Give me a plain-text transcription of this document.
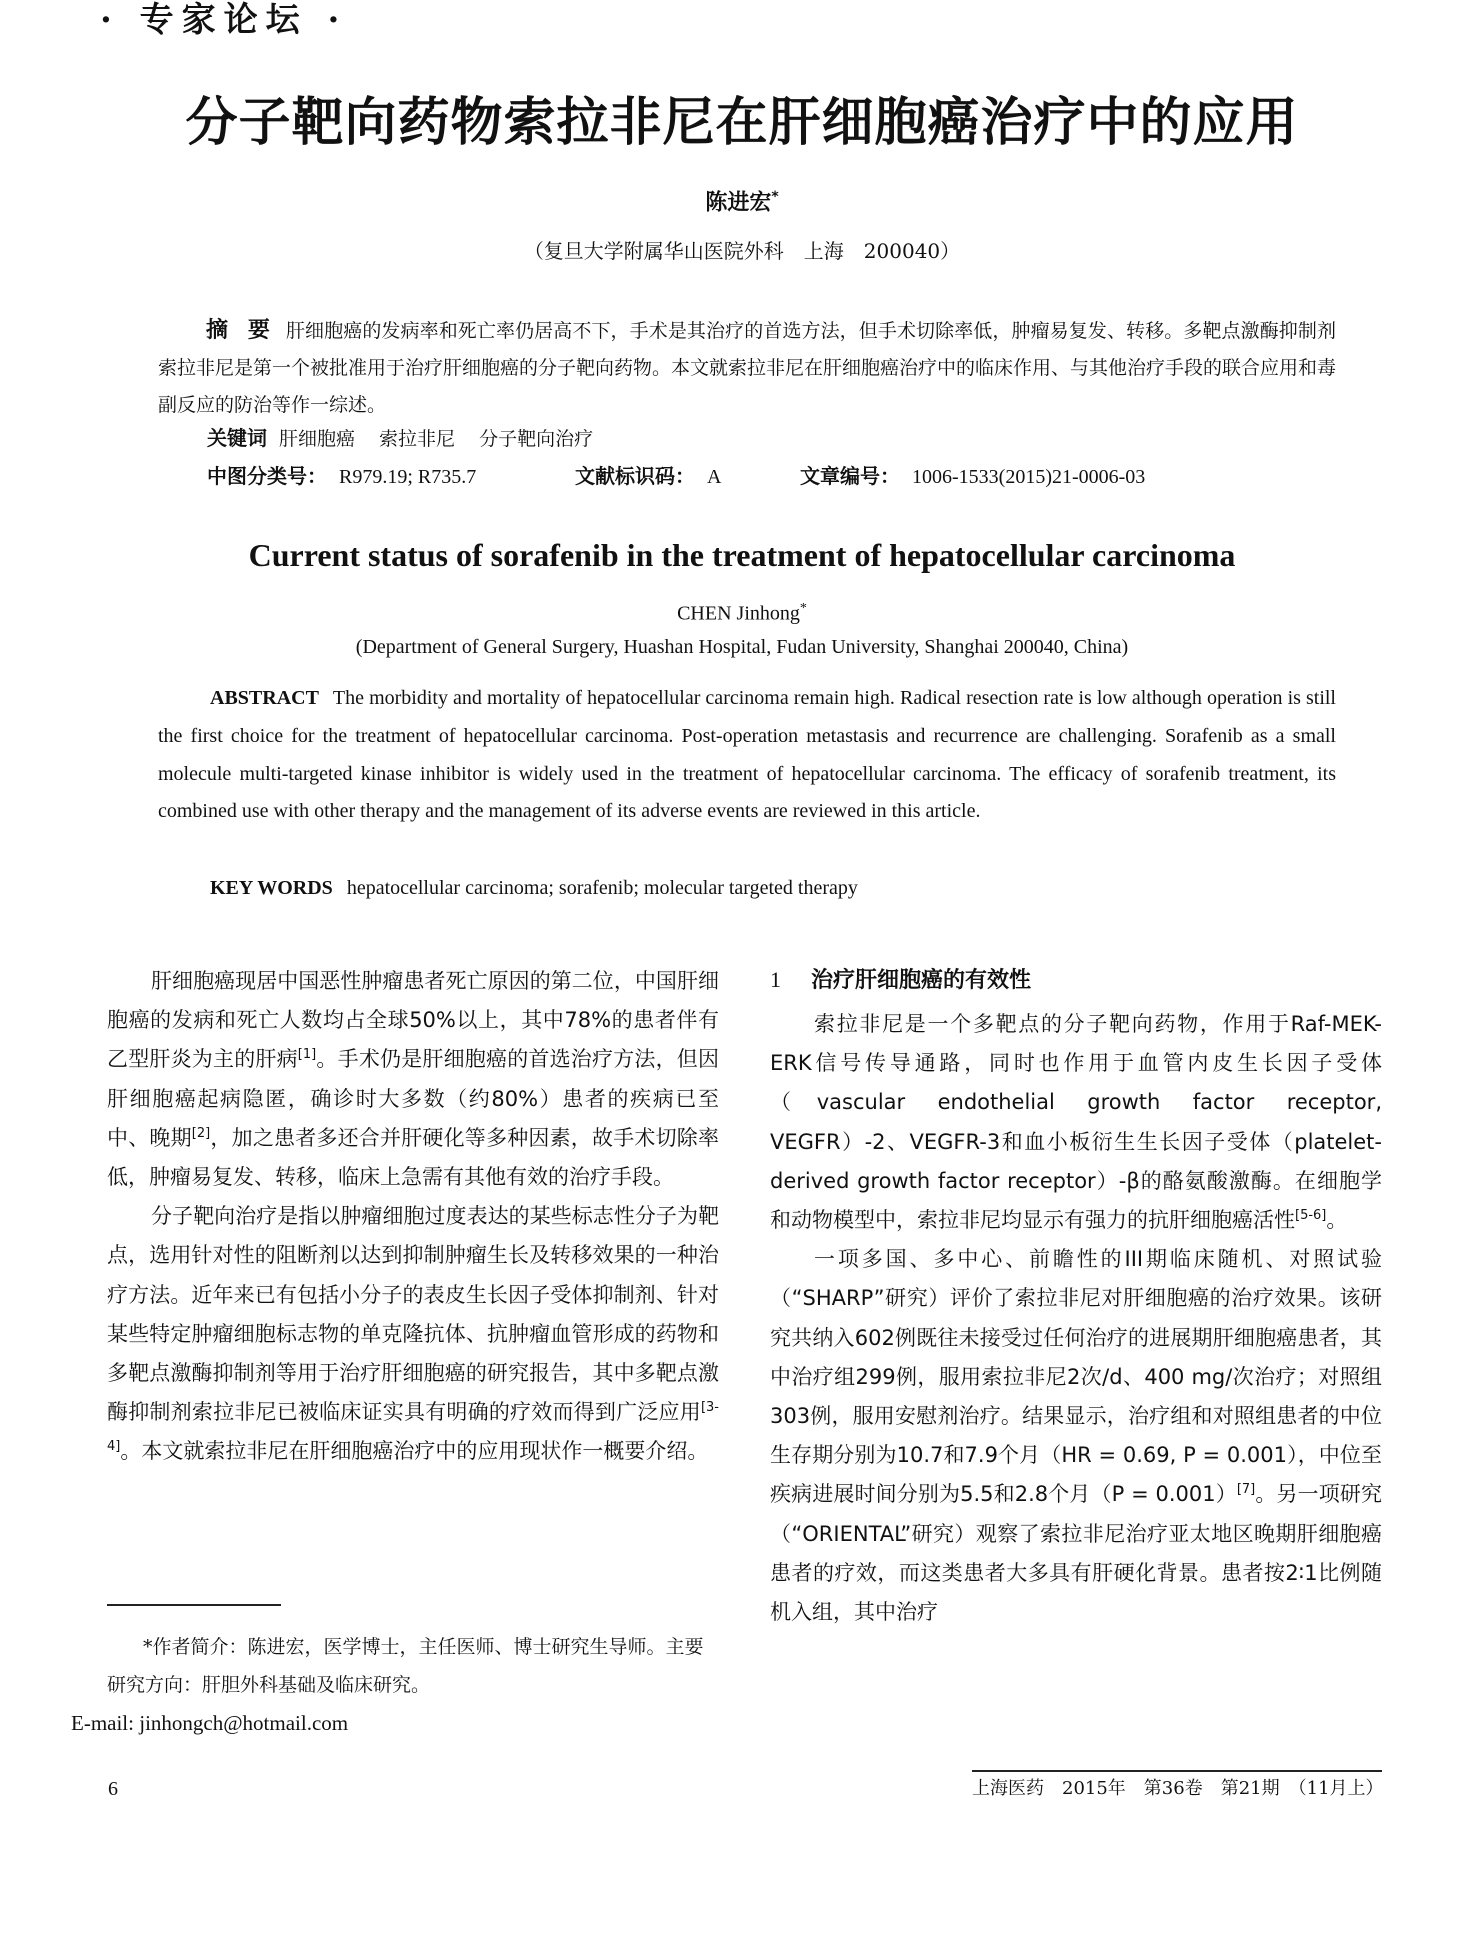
· 专家论坛 ·
分子靶向药物索拉非尼在肝细胞癌治疗中的应用
陈进宏*
（复旦大学附属华山医院外科　上海　200040）
摘 要 肝细胞癌的发病率和死亡率仍居高不下，手术是其治疗的首选方法，但手术切除率低，肿瘤易复发、转移。多靶点激酶抑制剂索拉非尼是第一个被批准用于治疗肝细胞癌的分子靶向药物。本文就索拉非尼在肝细胞癌治疗中的临床作用、与其他治疗手段的联合应用和毒副反应的防治等作一综述。
关键词 肝细胞癌 索拉非尼 分子靶向治疗
中图分类号： R979.19; R735.7	文献标识码： A	文章编号： 1006-1533(2015)21-0006-03
Current status of sorafenib in the treatment of hepatocellular carcinoma
CHEN Jinhong*
(Department of General Surgery, Huashan Hospital, Fudan University, Shanghai 200040, China)
ABSTRACT The morbidity and mortality of hepatocellular carcinoma remain high. Radical resection rate is low although operation is still the first choice for the treatment of hepatocellular carcinoma. Post-operation metastasis and recurrence are challenging. Sorafenib as a small molecule multi-targeted kinase inhibitor is widely used in the treatment of hepatocellular carcinoma. The efficacy of sorafenib treatment, its combined use with other therapy and the management of its adverse events are reviewed in this article.
KEY WORDS hepatocellular carcinoma; sorafenib; molecular targeted therapy

肝细胞癌现居中国恶性肿瘤患者死亡原因的第二位，中国肝细胞癌的发病和死亡人数均占全球50%以上，其中78%的患者伴有乙型肝炎为主的肝病[1]。手术仍是肝细胞癌的首选治疗方法，但因肝细胞癌起病隐匿，确诊时大多数（约80%）患者的疾病已至中、晚期[2]，加之患者多还合并肝硬化等多种因素，故手术切除率低，肿瘤易复发、转移，临床上急需有其他有效的治疗手段。

分子靶向治疗是指以肿瘤细胞过度表达的某些标志性分子为靶点，选用针对性的阻断剂以达到抑制肿瘤生长及转移效果的一种治疗方法。近年来已有包括小分子的表皮生长因子受体抑制剂、针对某些特定肿瘤细胞标志物的单克隆抗体、抗肿瘤血管形成的药物和多靶点激酶抑制剂等用于治疗肝细胞癌的研究报告，其中多靶点激酶抑制剂索拉非尼已被临床证实具有明确的疗效而得到广泛应用[3-4]。本文就索拉非尼在肝细胞癌治疗中的应用现状作一概要介绍。

*作者简介：陈进宏，医学博士，主任医师、博士研究生导师。主要研究方向：肝胆外科基础及临床研究。
E-mail: jinhongch@hotmail.com
1 治疗肝细胞癌的有效性

索拉非尼是一个多靶点的分子靶向药物，作用于Raf-MEK-ERK信号传导通路，同时也作用于血管内皮生长因子受体（vascular endothelial growth factor receptor, VEGFR）-2、VEGFR-3和血小板衍生生长因子受体（platelet-derived growth factor receptor）-β的酪氨酸激酶。在细胞学和动物模型中，索拉非尼均显示有强力的抗肝细胞癌活性[5-6]。

一项多国、多中心、前瞻性的III期临床随机、对照试验（“SHARP”研究）评价了索拉非尼对肝细胞癌的治疗效果。该研究共纳入602例既往未接受过任何治疗的进展期肝细胞癌患者，其中治疗组299例，服用索拉非尼2次/d、400 mg/次治疗；对照组303例，服用安慰剂治疗。结果显示，治疗组和对照组患者的中位生存期分别为10.7和7.9个月（HR = 0.69, P = 0.001），中位至疾病进展时间分别为5.5和2.8个月（P = 0.001）[7]。另一项研究（“ORIENTAL”研究）观察了索拉非尼治疗亚太地区晚期肝细胞癌患者的疗效，而这类患者大多具有肝硬化背景。患者按2∶1比例随机入组，其中治疗

6	上海医药　2015年　第36卷　第21期　（11月上）
